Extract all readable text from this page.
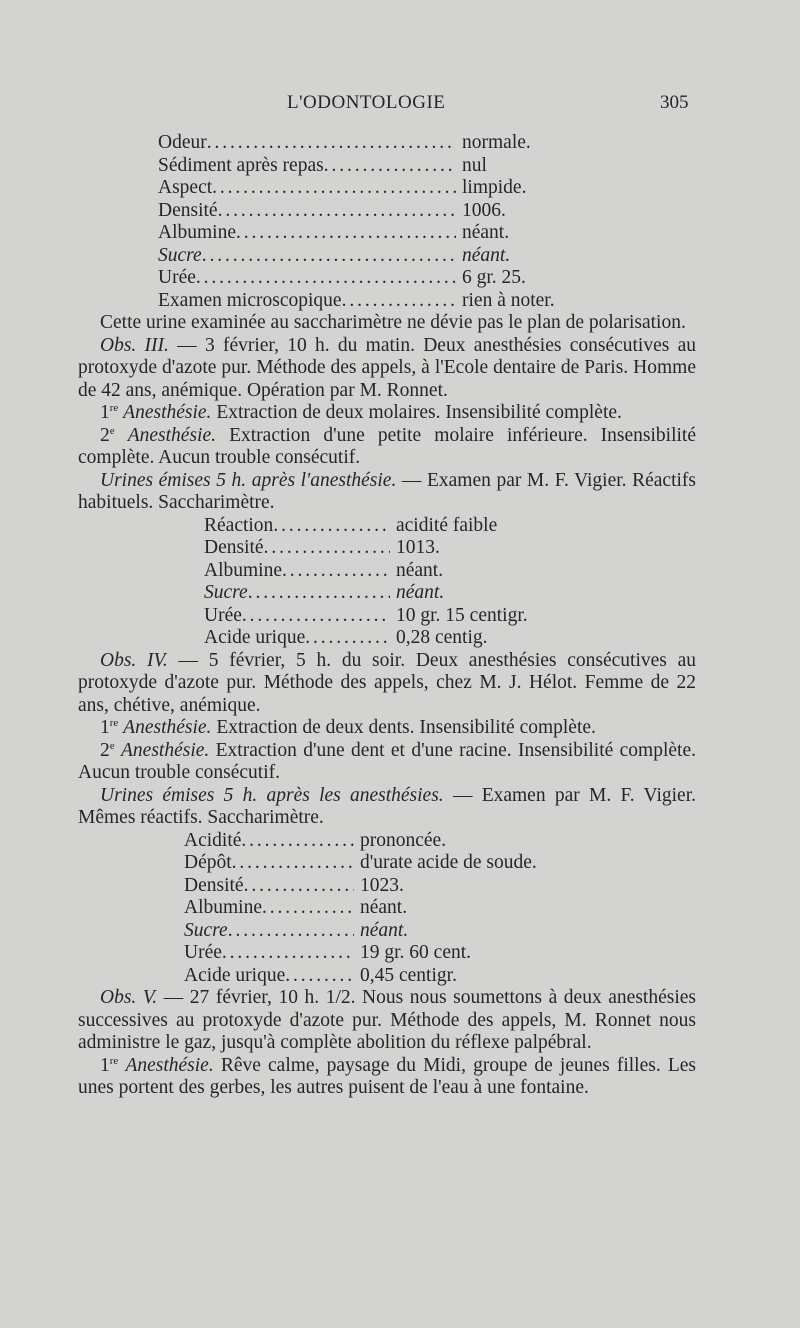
L'ODONTOLOGIE	305
Odeur . . .	normale.
Sédiment après repas . . .	nul
Aspect . . .	limpide.
Densité . . .	1006.
Albumine . . .	néant.
Sucre . . .	néant.
Urée . . .	6 gr. 25.
Examen microscopique . . .	rien à noter.

Cette urine examinée au saccharimètre ne dévie pas le plan de polarisation.

Obs. III. — 3 février, 10 h. du matin. Deux anesthésies consécutives au protoxyde d'azote pur. Méthode des appels, à l'Ecole dentaire de Paris. Homme de 42 ans, anémique. Opération par M. Ronnet.

1re Anesthésie. Extraction de deux molaires. Insensibilité complète.

2e Anesthésie. Extraction d'une petite molaire inférieure. Insensibilité complète. Aucun trouble consécutif.

Urines émises 5 h. après l'anesthésie. — Examen par M. F. Vigier. Réactifs habituels. Saccharimètre.

Réaction . . .	acidité faible
Densité . . .	1013.
Albumine . . .	néant.
Sucre . . .	néant.
Urée . . .	10 gr. 15 centigr.
Acide urique . . .	0,28 centig.

Obs. IV. — 5 février, 5 h. du soir. Deux anesthésies consécutives au protoxyde d'azote pur. Méthode des appels, chez M. J. Hélot. Femme de 22 ans, chétive, anémique.

1re Anesthésie. Extraction de deux dents. Insensibilité complète.

2e Anesthésie. Extraction d'une dent et d'une racine. Insensibilité complète. Aucun trouble consécutif.

Urines émises 5 h. après les anesthésies. — Examen par M. F. Vigier. Mêmes réactifs. Saccharimètre.

Acidité . . .	prononcée.
Dépôt . . .	d'urate acide de soude.
Densité . . .	1023.
Albumine . . .	néant.
Sucre . . .	néant.
Urée . . .	19 gr. 60 cent.
Acide urique . . .	0,45 centigr.

Obs. V. — 27 février, 10 h. 1/2. Nous nous soumettons à deux anesthésies successives au protoxyde d'azote pur. Méthode des appels, M. Ronnet nous administre le gaz, jusqu'à complète abolition du réflexe palpébral.

1re Anesthésie. Rêve calme, paysage du Midi, groupe de jeunes filles. Les unes portent des gerbes, les autres puisent de l'eau à une fontaine.
